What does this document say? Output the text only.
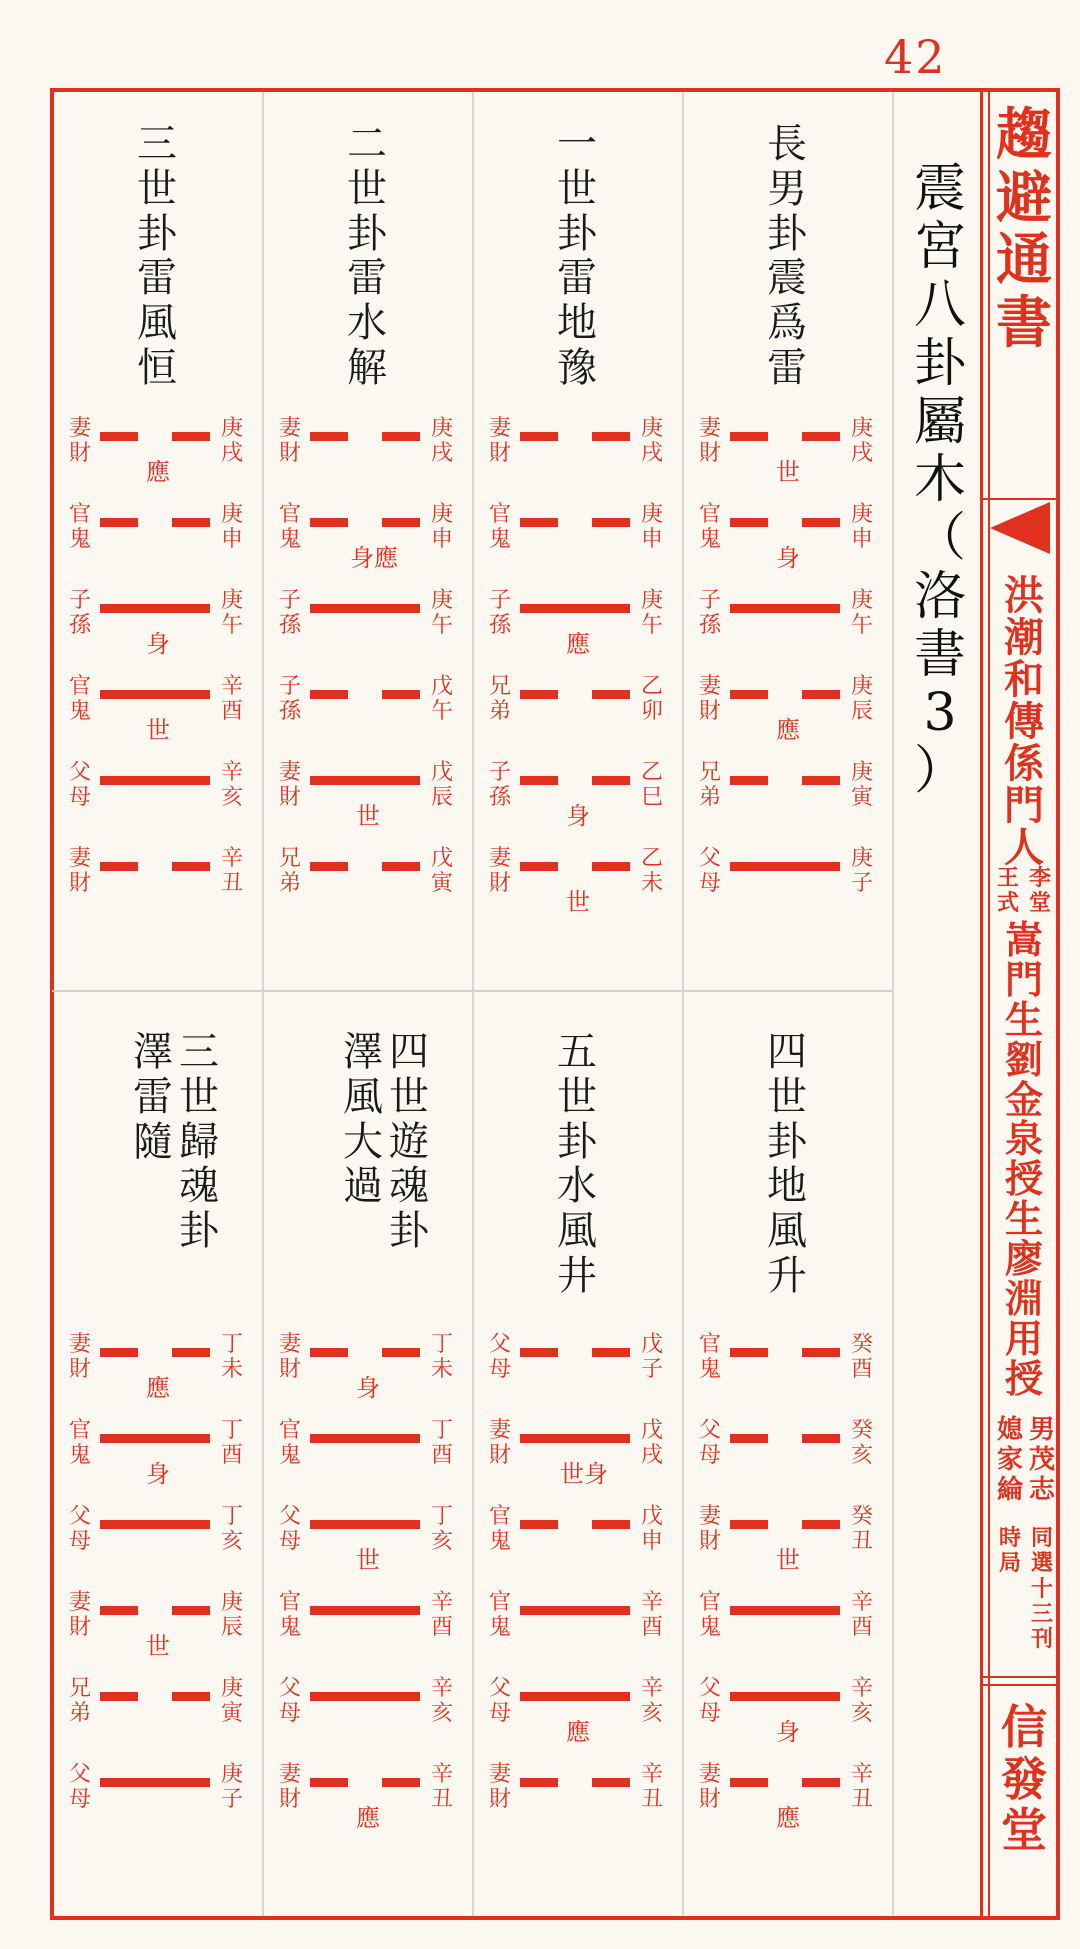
42
趨
避
通
書
洪
潮
和
傳
係
門
人
王
式
李
堂
嵩
門
生
劉
金
泉
授
生
廖
淵
用
授
男
茂
志
媳
家
綸
同
選
十
三
刊
時
局
信
發
堂
震
宮
八
卦
屬
木
（
洛
書
3
）
長
男
卦
震
爲
雷
妻
財
庚
戌
世
官
鬼
庚
申
身
子
孫
庚
午
妻
財
庚
辰
應
兄
弟
庚
寅
父
母
庚
子
一
世
卦
雷
地
豫
妻
財
庚
戌
官
鬼
庚
申
子
孫
庚
午
應
兄
弟
乙
卯
子
孫
乙
巳
身
妻
財
乙
未
世
二
世
卦
雷
水
解
妻
財
庚
戌
官
鬼
庚
申
身應
子
孫
庚
午
子
孫
戊
午
妻
財
戊
辰
世
兄
弟
戊
寅
三
世
卦
雷
風
恒
妻
財
庚
戌
應
官
鬼
庚
申
子
孫
庚
午
身
官
鬼
辛
酉
世
父
母
辛
亥
妻
財
辛
丑
四
世
卦
地
風
升
官
鬼
癸
酉
父
母
癸
亥
妻
財
癸
丑
世
官
鬼
辛
酉
父
母
辛
亥
身
妻
財
辛
丑
應
五
世
卦
水
風
井
父
母
戊
子
妻
財
戊
戌
世身
官
鬼
戊
申
官
鬼
辛
酉
父
母
辛
亥
應
妻
財
辛
丑
四
世
遊
魂
卦
澤
風
大
過
妻
財
丁
未
身
官
鬼
丁
酉
父
母
丁
亥
世
官
鬼
辛
酉
父
母
辛
亥
妻
財
辛
丑
應
三
世
歸
魂
卦
澤
雷
隨
妻
財
丁
未
應
官
鬼
丁
酉
身
父
母
丁
亥
妻
財
庚
辰
世
兄
弟
庚
寅
父
母
庚
子
